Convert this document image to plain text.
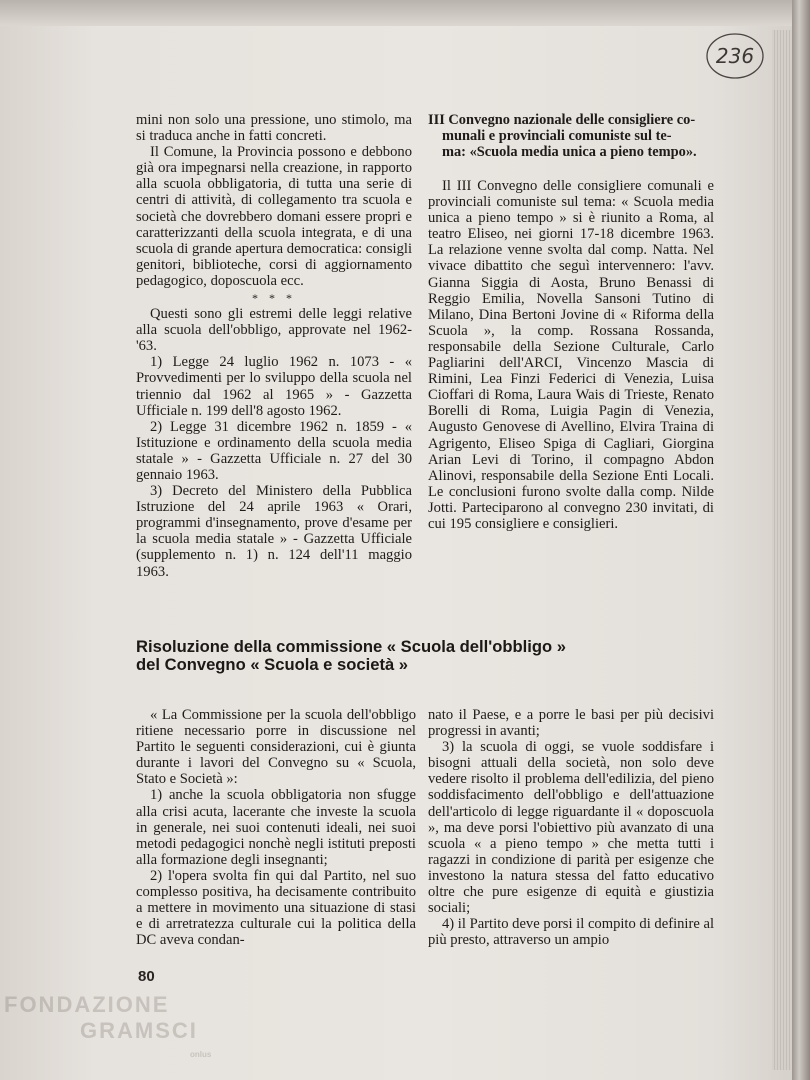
236

mini non solo una pressione, uno stimolo, ma si traduca anche in fatti concreti.

Il Comune, la Provincia possono e debbono già ora impegnarsi nella creazione, in rapporto alla scuola obbligatoria, di tutta una serie di centri di attività, di collegamento tra scuola e società che dovrebbero domani essere propri e caratterizzanti della scuola integrata, e di una scuola di grande apertura democratica: consigli genitori, biblioteche, corsi di aggiornamento pedagogico, doposcuola ecc.

* * *

Questi sono gli estremi delle leggi relative alla scuola dell'obbligo, approvate nel 1962-'63.

1) Legge 24 luglio 1962 n. 1073 - « Provvedimenti per lo sviluppo della scuola nel triennio dal 1962 al 1965 » - Gazzetta Ufficiale n. 199 dell'8 agosto 1962.

2) Legge 31 dicembre 1962 n. 1859 - « Istituzione e ordinamento della scuola media statale » - Gazzetta Ufficiale n. 27 del 30 gennaio 1963.

3) Decreto del Ministero della Pubblica Istruzione del 24 aprile 1963 « Orari, programmi d'insegnamento, prove d'esame per la scuola media statale » - Gazzetta Ufficiale (supplemento n. 1) n. 124 dell'11 maggio 1963.

III Convegno nazionale delle consigliere co-
munali e provinciali comuniste sul te-
ma: «Scuola media unica a pieno tempo».

Il III Convegno delle consigliere comunali e provinciali comuniste sul tema: « Scuola media unica a pieno tempo » si è riunito a Roma, al teatro Eliseo, nei giorni 17-18 dicembre 1963. La relazione venne svolta dal comp. Natta. Nel vivace dibattito che seguì intervennero: l'avv. Gianna Siggia di Aosta, Bruno Benassi di Reggio Emilia, Novella Sansoni Tutino di Milano, Dina Bertoni Jovine di « Riforma della Scuola », la comp. Rossana Rossanda, responsabile della Sezione Culturale, Carlo Pagliarini dell'ARCI, Vincenzo Mascia di Rimini, Lea Finzi Federici di Venezia, Luisa Cioffari di Roma, Laura Wais di Trieste, Renato Borelli di Roma, Luigia Pagin di Venezia, Augusto Genovese di Avellino, Elvira Traina di Agrigento, Eliseo Spiga di Cagliari, Giorgina Arian Levi di Torino, il compagno Abdon Alinovi, responsabile della Sezione Enti Locali. Le conclusioni furono svolte dalla comp. Nilde Jotti. Parteciparono al convegno 230 invitati, di cui 195 consigliere e consiglieri.

Risoluzione della commissione « Scuola dell'obbligo »
del Convegno « Scuola e società »

« La Commissione per la scuola dell'obbligo ritiene necessario porre in discussione nel Partito le seguenti considerazioni, cui è giunta durante i lavori del Convegno su « Scuola, Stato e Società »:

1) anche la scuola obbligatoria non sfugge alla crisi acuta, lacerante che investe la scuola in generale, nei suoi contenuti ideali, nei suoi metodi pedagogici nonchè negli istituti preposti alla formazione degli insegnanti;

2) l'opera svolta fin qui dal Partito, nel suo complesso positiva, ha decisamente contribuito a mettere in movimento una situazione di stasi e di arretratezza culturale cui la politica della DC aveva condan-

nato il Paese, e a porre le basi per più decisivi progressi in avanti;

3) la scuola di oggi, se vuole soddisfare i bisogni attuali della società, non solo deve vedere risolto il problema dell'edilizia, del pieno soddisfacimento dell'obbligo e dell'attuazione dell'articolo di legge riguardante il « doposcuola », ma deve porsi l'obiettivo più avanzato di una scuola « a pieno tempo » che metta tutti i ragazzi in condizione di parità per esigenze che investono la natura stessa del fatto educativo oltre che pure esigenze di equità e giustizia sociali;

4) il Partito deve porsi il compito di definire al più presto, attraverso un ampio

80
FONDAZIONE
GRAMSCI
onlus
